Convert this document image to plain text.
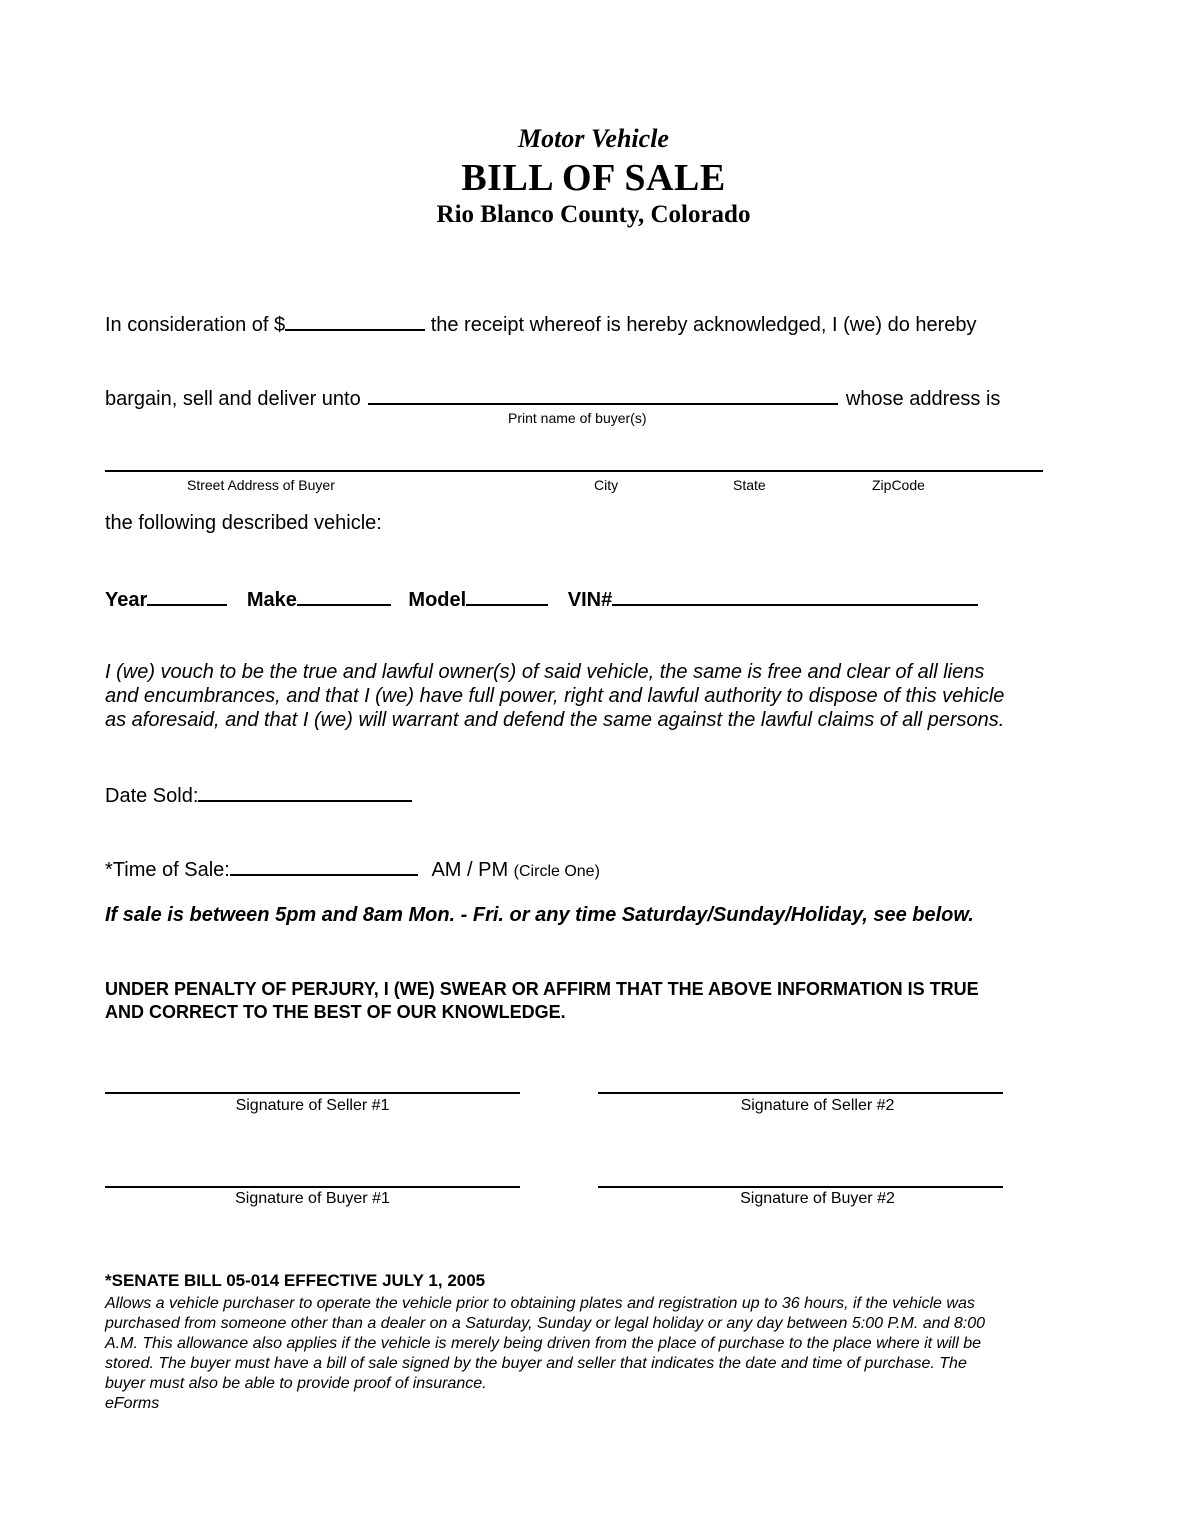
Motor Vehicle
BILL OF SALE
Rio Blanco County, Colorado
In consideration of $	the receipt whereof is hereby acknowledged, I (we) do hereby
bargain, sell and deliver unto	whose address is
Print name of buyer(s)
Street Address of Buyer	City	State	ZipCode
the following described vehicle:
Year	Make	Model	VIN#
I (we) vouch to be the true and lawful owner(s) of said vehicle, the same is free and clear of all liens
and encumbrances, and that I (we) have full power, right and lawful authority to dispose of this vehicle
as aforesaid, and that I (we) will warrant and defend the same against the lawful claims of all persons.
Date Sold:
*Time of Sale:	AM / PM (Circle One)
If sale is between 5pm and 8am Mon. - Fri. or any time Saturday/Sunday/Holiday, see below.
UNDER PENALTY OF PERJURY, I (WE) SWEAR OR AFFIRM THAT THE ABOVE INFORMATION IS TRUE
AND CORRECT TO THE BEST OF OUR KNOWLEDGE.
Signature of Seller #1	Signature of Seller #2
Signature of Buyer #1	Signature of Buyer #2
*SENATE BILL 05-014 EFFECTIVE JULY 1, 2005
Allows a vehicle purchaser to operate the vehicle prior to obtaining plates and registration up to 36 hours, if the vehicle was
purchased from someone other than a dealer on a Saturday, Sunday or legal holiday or any day between 5:00 P.M. and 8:00
A.M. This allowance also applies if the vehicle is merely being driven from the place of purchase to the place where it will be
stored. The buyer must have a bill of sale signed by the buyer and seller that indicates the date and time of purchase. The
buyer must also be able to provide proof of insurance.
eForms
